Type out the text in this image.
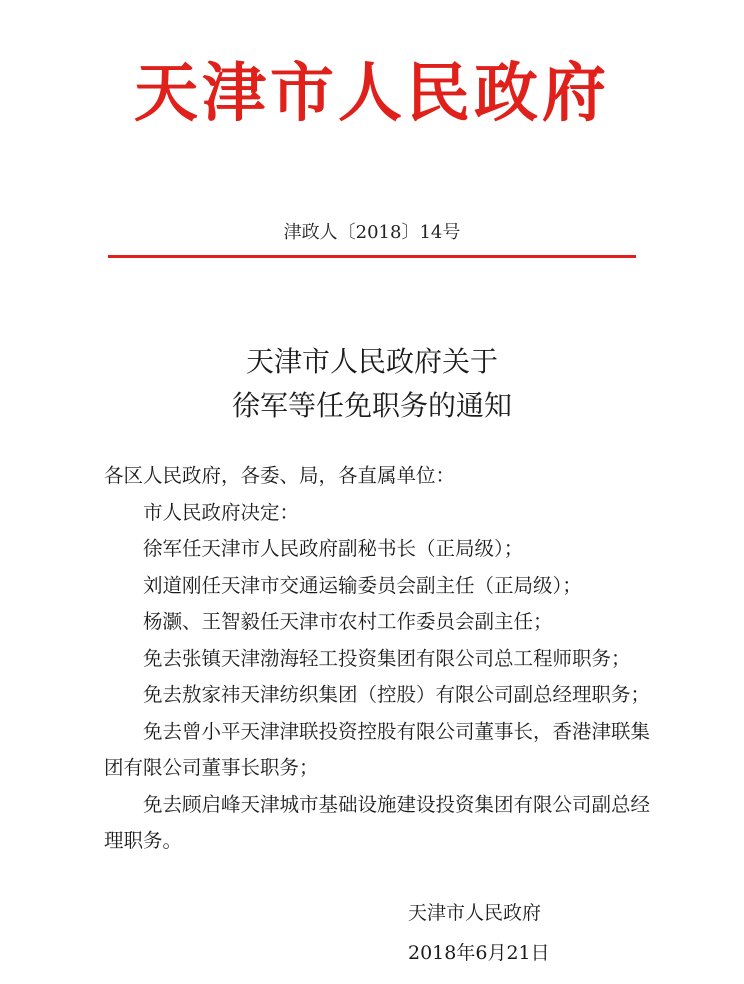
天津市人民政府
津政人〔2018〕14号
天津市人民政府关于
徐军等任免职务的通知

各区人民政府，各委、局，各直属单位：

市人民政府决定：

徐军任天津市人民政府副秘书长（正局级）；

刘道刚任天津市交通运输委员会副主任（正局级）；

杨灏、王智毅任天津市农村工作委员会副主任；

免去张镇天津渤海轻工投资集团有限公司总工程师职务；

免去敖家祎天津纺织集团（控股）有限公司副总经理职务；

免去曾小平天津津联投资控股有限公司董事长，香港津联集团有限公司董事长职务；

免去顾启峰天津城市基础设施建设投资集团有限公司副总经理职务。

天津市人民政府
2018年6月21日
